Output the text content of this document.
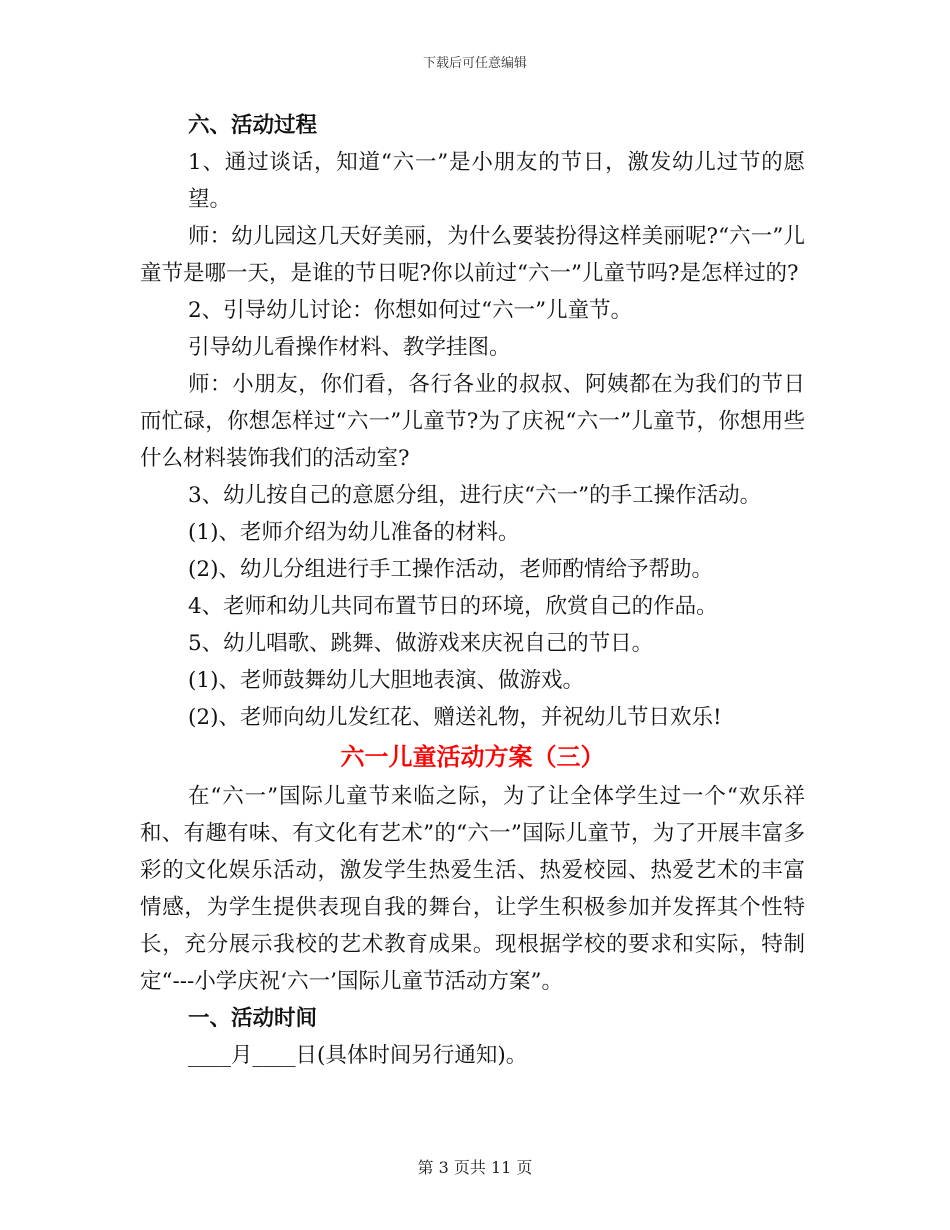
下载后可任意编辑

六、活动过程

1、通过谈话，知道“六一”是小朋友的节日，激发幼儿过节的愿望。

师：幼儿园这几天好美丽，为什么要装扮得这样美丽呢?“六一”儿童节是哪一天，是谁的节日呢?你以前过“六一”儿童节吗?是怎样过的?

2、引导幼儿讨论：你想如何过“六一”儿童节。

引导幼儿看操作材料、教学挂图。

师：小朋友，你们看，各行各业的叔叔、阿姨都在为我们的节日而忙碌，你想怎样过“六一”儿童节?为了庆祝“六一”儿童节，你想用些什么材料装饰我们的活动室?

3、幼儿按自己的意愿分组，进行庆“六一”的手工操作活动。

(1)、老师介绍为幼儿准备的材料。

(2)、幼儿分组进行手工操作活动，老师酌情给予帮助。

4、老师和幼儿共同布置节日的环境，欣赏自己的作品。

5、幼儿唱歌、跳舞、做游戏来庆祝自己的节日。

(1)、老师鼓舞幼儿大胆地表演、做游戏。

(2)、老师向幼儿发红花、赠送礼物，并祝幼儿节日欢乐!

六一儿童活动方案（三）

在“六一”国际儿童节来临之际，为了让全体学生过一个“欢乐祥和、有趣有味、有文化有艺术”的“六一”国际儿童节，为了开展丰富多彩的文化娱乐活动，激发学生热爱生活、热爱校园、热爱艺术的丰富情感，为学生提供表现自我的舞台，让学生积极参加并发挥其个性特长，充分展示我校的艺术教育成果。现根据学校的要求和实际，特制定“---小学庆祝‘六一’国际儿童节活动方案”。

一、活动时间

____月____日(具体时间另行通知)。

第 3 页共 11 页
